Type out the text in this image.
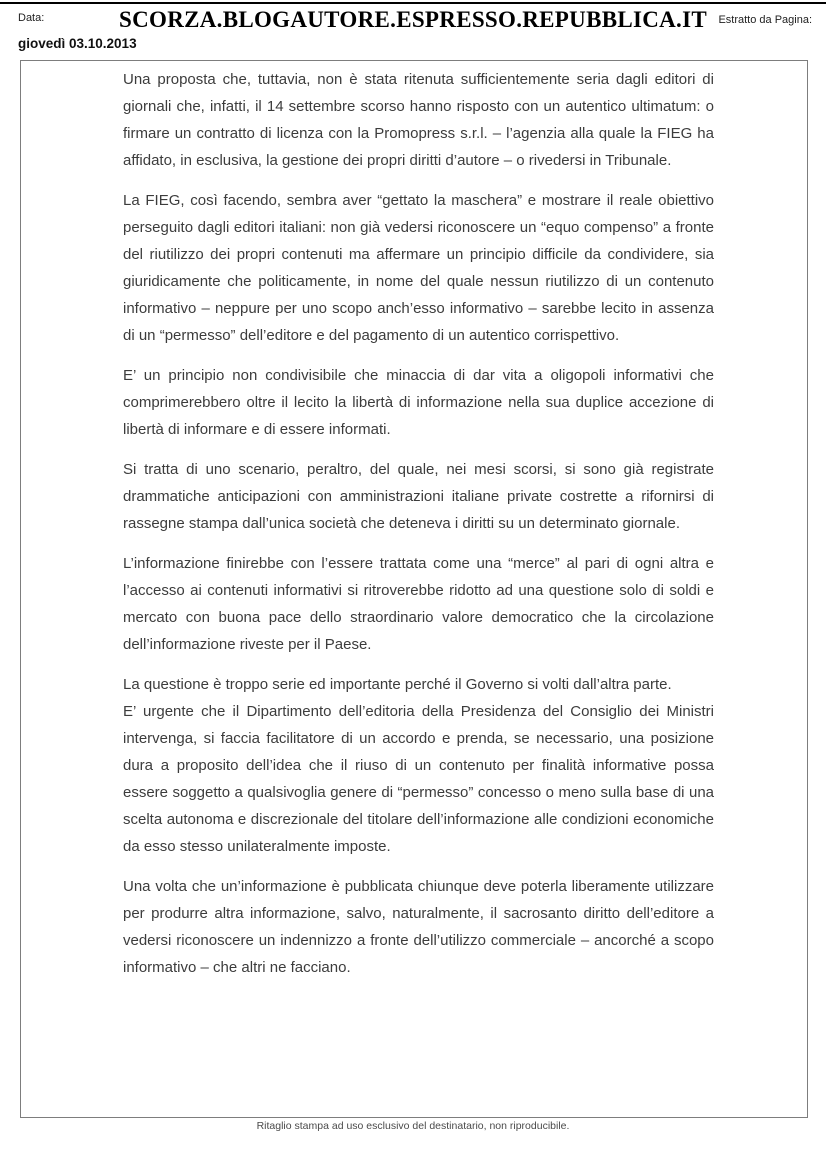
Data:	SCORZA.BLOGAUTORE.ESPRESSO.REPUBBLICA.IT	Estratto da Pagina:
giovedì 03.10.2013

Una proposta che, tuttavia, non è stata ritenuta sufficientemente seria dagli editori di giornali che, infatti, il 14 settembre scorso hanno risposto con un autentico ultimatum: o firmare un contratto di licenza con la Promopress s.r.l. – l’agenzia alla quale la FIEG ha affidato, in esclusiva, la gestione dei propri diritti d’autore – o rivedersi in Tribunale.

La FIEG, così facendo, sembra aver “gettato la maschera” e mostrare il reale obiettivo perseguito dagli editori italiani: non già vedersi riconoscere un “equo compenso” a fronte del riutilizzo dei propri contenuti ma affermare un principio difficile da condividere, sia giuridicamente che politicamente, in nome del quale nessun riutilizzo di un contenuto informativo – neppure per uno scopo anch’esso informativo – sarebbe lecito in assenza di un “permesso” dell’editore e del pagamento di un autentico corrispettivo.

E’ un principio non condivisibile che minaccia di dar vita a oligopoli informativi che comprimerebbero oltre il lecito la libertà di informazione nella sua duplice accezione di libertà di informare e di essere informati.

Si tratta di uno scenario, peraltro, del quale, nei mesi scorsi, si sono già registrate drammatiche anticipazioni con amministrazioni italiane private costrette a rifornirsi di rassegne stampa dall’unica società che deteneva i diritti su un determinato giornale.

L’informazione finirebbe con l’essere trattata come una “merce” al pari di ogni altra e l’accesso ai contenuti informativi si ritroverebbe ridotto ad una questione solo di soldi e mercato con buona pace dello straordinario valore democratico che la circolazione dell’informazione riveste per il Paese.

La questione è troppo serie ed importante perché il Governo si volti dall’altra parte.

E’ urgente che il Dipartimento dell’editoria della Presidenza del Consiglio dei Ministri intervenga, si faccia facilitatore di un accordo e prenda, se necessario, una posizione dura a proposito dell’idea che il riuso di un contenuto per finalità informative possa essere soggetto a qualsivoglia genere di “permesso” concesso o meno sulla base di una scelta autonoma e discrezionale del titolare dell’informazione alle condizioni economiche da esso stesso unilateralmente imposte.

Una volta che un’informazione è pubblicata chiunque deve poterla liberamente utilizzare per produrre altra informazione, salvo, naturalmente, il sacrosanto diritto dell’editore a vedersi riconoscere un indennizzo a fronte dell’utilizzo commerciale – ancorché a scopo informativo – che altri ne facciano.

Ritaglio stampa ad uso esclusivo del destinatario, non riproducibile.
